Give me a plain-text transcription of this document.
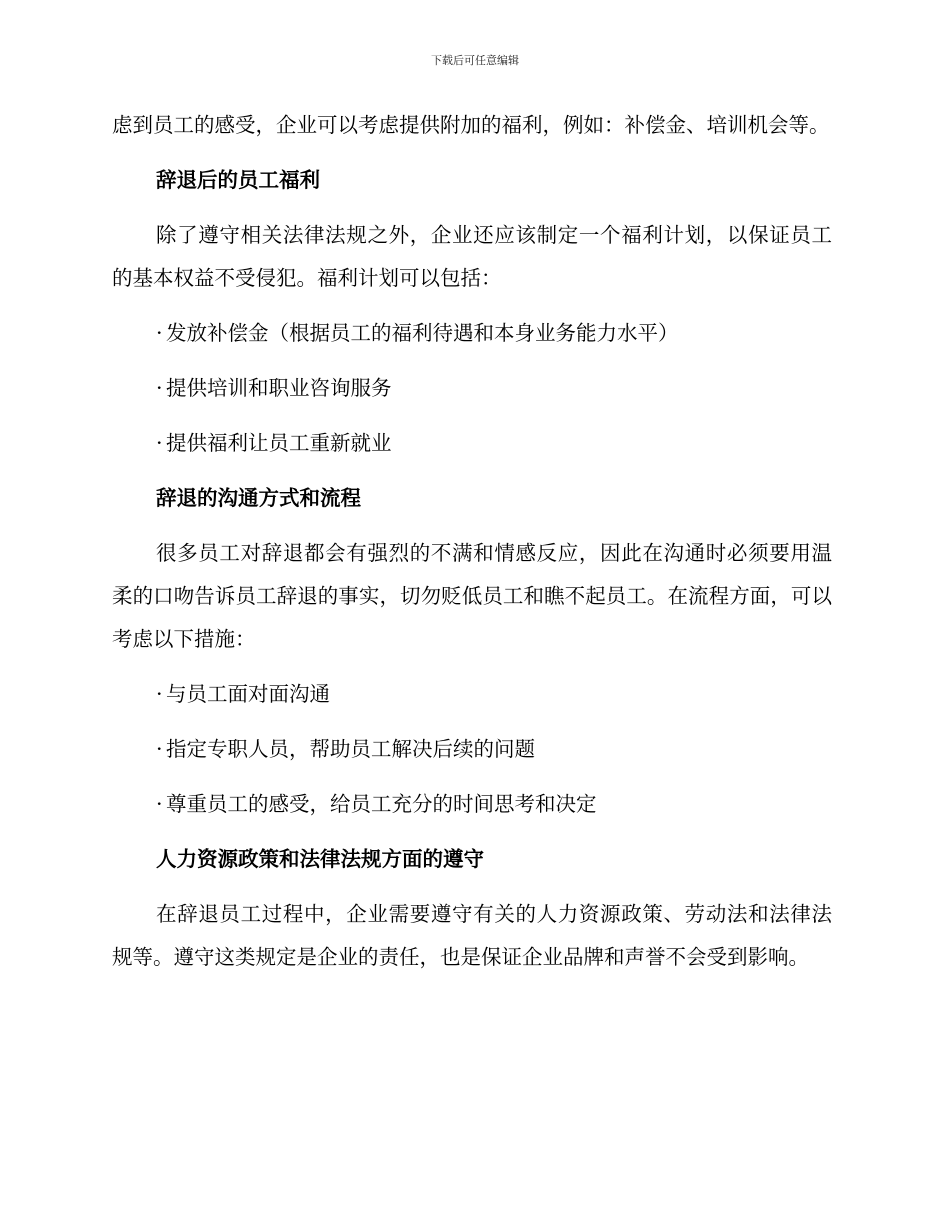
下载后可任意编辑

虑到员工的感受，企业可以考虑提供附加的福利，例如：补偿金、培训机会等。

辞退后的员工福利

除了遵守相关法律法规之外，企业还应该制定一个福利计划，以保证员工的基本权益不受侵犯。福利计划可以包括：

· 发放补偿金（根据员工的福利待遇和本身业务能力水平）
· 提供培训和职业咨询服务
· 提供福利让员工重新就业
辞退的沟通方式和流程

很多员工对辞退都会有强烈的不满和情感反应，因此在沟通时必须要用温柔的口吻告诉员工辞退的事实，切勿贬低员工和瞧不起员工。在流程方面，可以考虑以下措施：

· 与员工面对面沟通
· 指定专职人员，帮助员工解决后续的问题
· 尊重员工的感受，给员工充分的时间思考和决定
人力资源政策和法律法规方面的遵守

在辞退员工过程中，企业需要遵守有关的人力资源政策、劳动法和法律法规等。遵守这类规定是企业的责任，也是保证企业品牌和声誉不会受到影响。
